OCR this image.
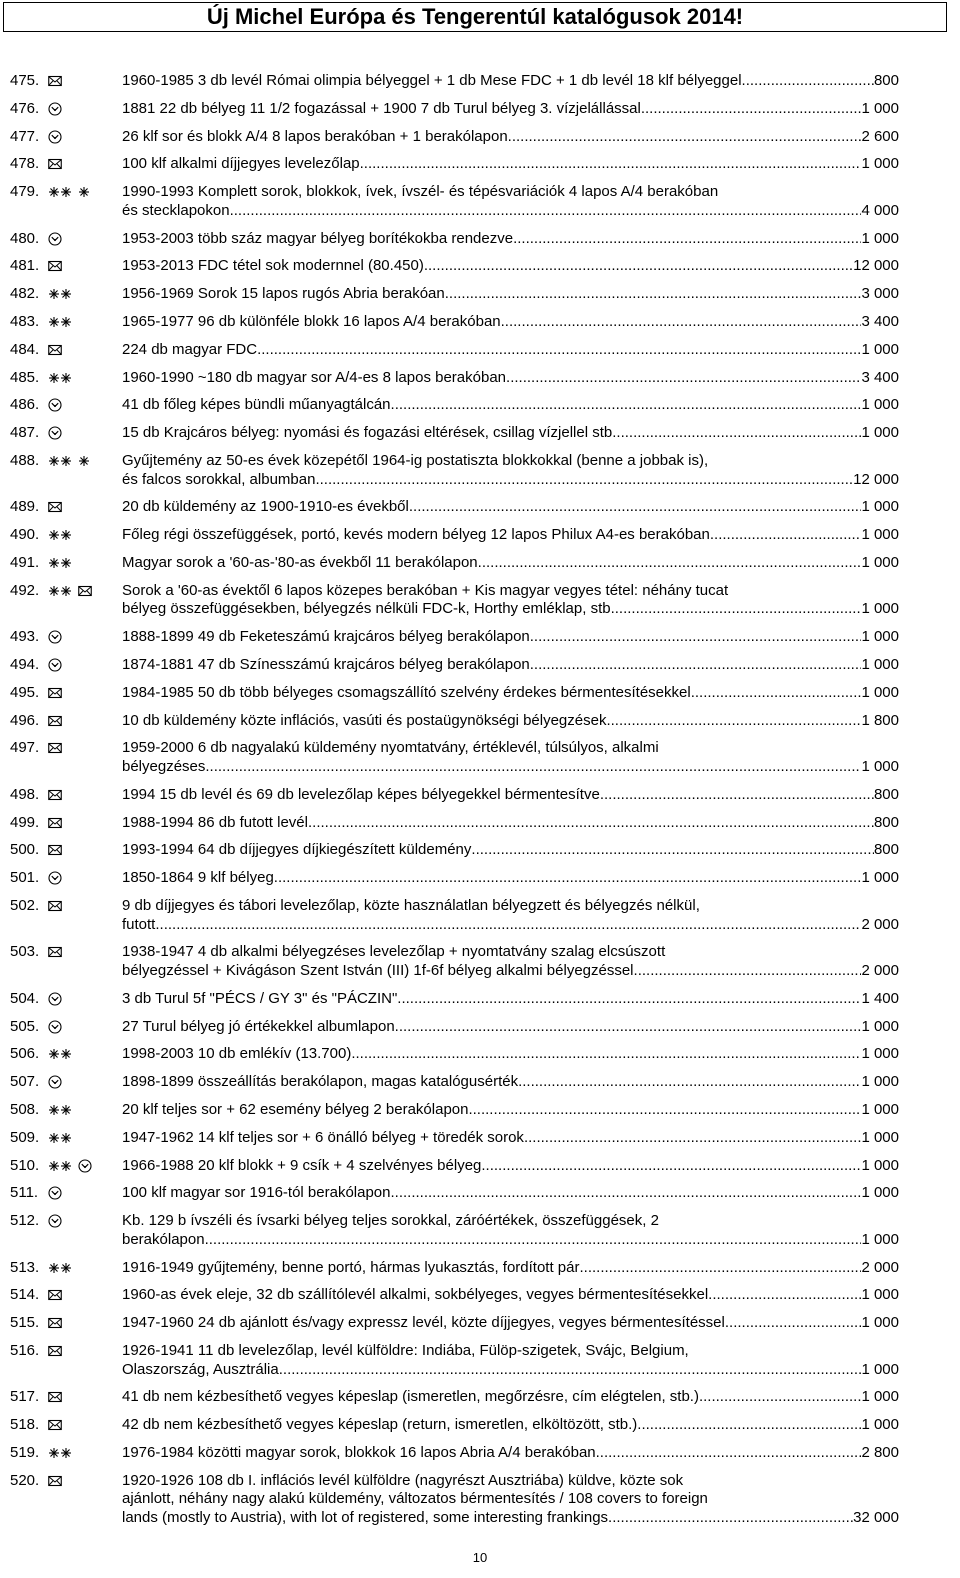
Új Michel Európa és Tengerentúl katalógusok 2014!
475.	1960-1985 3 db levél Római olimpia bélyeggel + 1 db Mese FDC + 1 db levél 18 klf bélyeggel .....	800
476.	1881 22 db bélyeg 11 1/2 fogazással + 1900 7 db Turul bélyeg 3. vízjelállással .....	1 000
477.	26 klf sor és blokk A/4 8 lapos berakóban + 1 berakólapon .....	2 600
478.	100 klf alkalmi díjjegyes levelezőlap .....	1 000
479.	1990-1993 Komplett sorok, blokkok, ívek, ívszél- és tépésvariációk 4 lapos A/4 berakóban
és stecklapokon .....	4 000
480.	1953-2003 több száz magyar bélyeg borítékokba rendezve .....	1 000
481.	1953-2013 FDC tétel sok modernnel (80.450) .....	12 000
482.	1956-1969 Sorok 15 lapos rugós Abria berakóan .....	3 000
483.	1965-1977 96 db különféle blokk 16 lapos A/4 berakóban .....	3 400
484.	224 db magyar FDC .....	1 000
485.	1960-1990 ~180 db magyar sor A/4-es 8 lapos berakóban .....	3 400
486.	41 db főleg képes bündli műanyagtálcán .....	1 000
487.	15 db Krajcáros bélyeg: nyomási és fogazási eltérések, csillag vízjellel stb .....	1 000
488.	Gyűjtemény az 50-es évek közepétől 1964-ig postatiszta blokkokkal (benne a jobbak is),
és falcos sorokkal, albumban .....	12 000
489.	20 db küldemény az 1900-1910-es évekből .....	1 000
490.	Főleg régi összefüggések, portó, kevés modern bélyeg 12 lapos Philux A4-es berakóban .....	1 000
491.	Magyar sorok a '60-as-'80-as évekből 11 berakólapon .....	1 000
492.	Sorok a '60-as évektől 6 lapos közepes berakóban + Kis magyar vegyes tétel: néhány tucat
bélyeg összefüggésekben, bélyegzés nélküli FDC-k, Horthy emléklap, stb. .....	1 000
493.	1888-1899 49 db Feketeszámú krajcáros bélyeg berakólapon .....	1 000
494.	1874-1881 47 db Színesszámú krajcáros bélyeg berakólapon .....	1 000
495.	1984-1985 50 db több bélyeges csomagszállító szelvény érdekes bérmentesítésekkel .....	1 000
496.	10 db küldemény közte inflációs, vasúti és postaügynökségi bélyegzések .....	1 800
497.	1959-2000 6 db nagyalakú küldemény nyomtatvány, értéklevél, túlsúlyos, alkalmi
bélyegzéses .....	1 000
498.	1994 15 db levél és 69 db levelezőlap képes bélyegekkel bérmentesítve .....	800
499.	1988-1994 86 db futott levél .....	800
500.	1993-1994 64 db díjjegyes díjkiegészített küldemény .....	800
501.	1850-1864 9 klf bélyeg .....	1 000
502.	9 db díjjegyes és tábori levelezőlap, közte használatlan bélyegzett és bélyegzés nélkül,
futott .....	2 000
503.	1938-1947 4 db alkalmi bélyegzéses levelezőlap + nyomtatvány szalag elcsúszott
bélyegzéssel + Kivágáson Szent István (III) 1f-6f bélyeg alkalmi bélyegzéssel .....	2 000
504.	3 db Turul 5f "PÉCS / GY 3" és "PÁCZIN" .....	1 400
505.	27 Turul bélyeg jó értékekkel albumlapon .....	1 000
506.	1998-2003 10 db emlékív (13.700) .....	1 000
507.	1898-1899 összeállítás berakólapon, magas katalógusérték .....	1 000
508.	20 klf teljes sor + 62 esemény bélyeg 2 berakólapon .....	1 000
509.	1947-1962 14 klf teljes sor + 6 önálló bélyeg + töredék sorok .....	1 000
510.	1966-1988 20 klf blokk + 9 csík + 4 szelvényes bélyeg .....	1 000
511.	100 klf magyar sor 1916-tól berakólapon .....	1 000
512.	Kb. 129 b ívszéli és ívsarki bélyeg teljes sorokkal, záróértékek, összefüggések, 2
berakólapon .....	1 000
513.	1916-1949 gyűjtemény, benne portó, hármas lyukasztás, fordított pár .....	2 000
514.	1960-as évek eleje, 32 db szállítólevél alkalmi, sokbélyeges, vegyes bérmentesítésekkel .....	1 000
515.	1947-1960 24 db ajánlott és/vagy expressz levél, közte díjjegyes, vegyes bérmentesítéssel .....	1 000
516.	1926-1941 11 db levelezőlap, levél külföldre: Indiába, Fülöp-szigetek, Svájc, Belgium,
Olaszország, Ausztrália .....	1 000
517.	41 db nem kézbesíthető vegyes képeslap (ismeretlen, megőrzésre, cím elégtelen, stb.) .....	1 000
518.	42 db nem kézbesíthető vegyes képeslap (return, ismeretlen, elköltözött, stb.) .....	1 000
519.	1976-1984 közötti magyar sorok, blokkok 16 lapos Abria A/4 berakóban .....	2 800
520.	1920-1926 108 db I. inflációs levél külföldre (nagyrészt Ausztriába) küldve, közte sok
ajánlott, néhány nagy alakú küldemény, változatos bérmentesítés / 108 covers to foreign
lands (mostly to Austria), with lot of registered, some interesting frankings .....	32 000
10
